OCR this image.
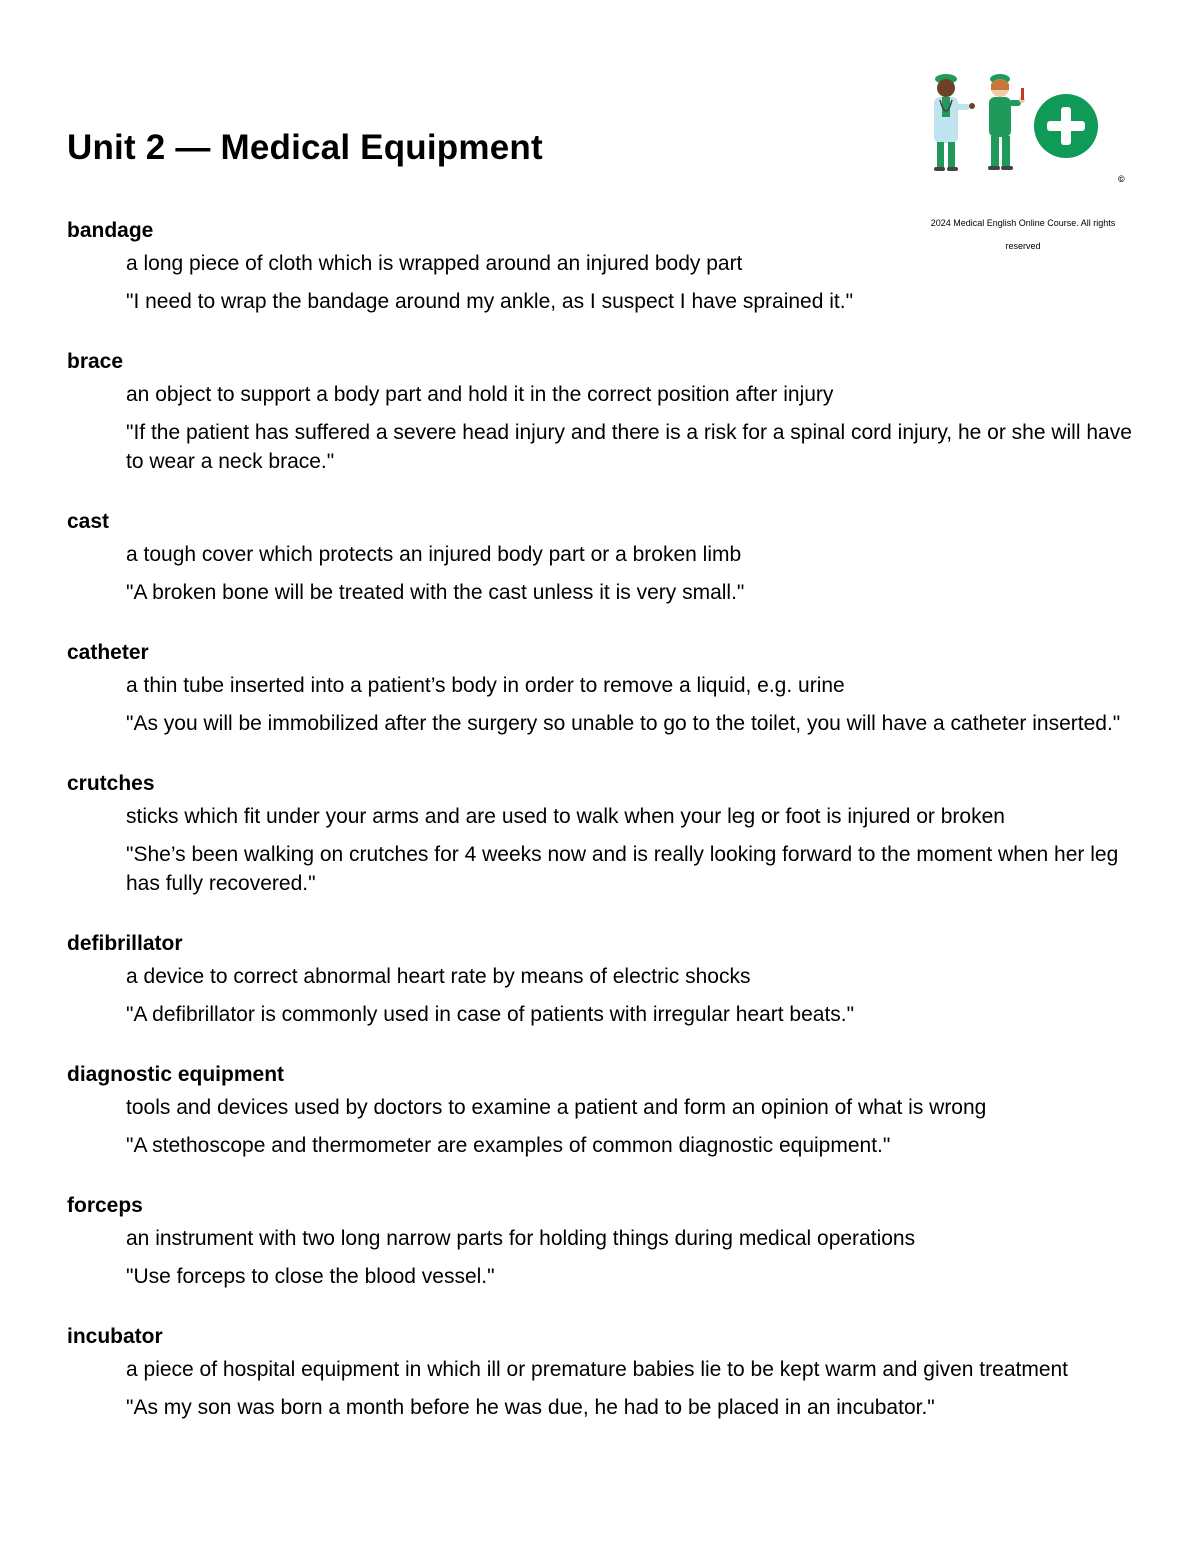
Unit 2 — Medical Equipment
©
2024 Medical English Online Course. All rights reserved
bandage
a long piece of cloth which is wrapped around an injured body part
"I need to wrap the bandage around my ankle, as I suspect I have sprained it."
brace
an object to support a body part and hold it in the correct position after injury
"If the patient has suffered a severe head injury and there is a risk for a spinal cord injury, he or she will have to wear a neck brace."
cast
a tough cover which protects an injured body part or a broken limb
"A broken bone will be treated with the cast unless it is very small."
catheter
a thin tube inserted into a patient’s body in order to remove a liquid, e.g. urine
"As you will be immobilized after the surgery so unable to go to the toilet, you will have a catheter inserted."
crutches
sticks which fit under your arms and are used to walk when your leg or foot is injured or broken
"She’s been walking on crutches for 4 weeks now and is really looking forward to the moment when her leg has fully recovered."
defibrillator
a device to correct abnormal heart rate by means of electric shocks
"A defibrillator is commonly used in case of patients with irregular heart beats."
diagnostic equipment
tools and devices used by doctors to examine a patient and form an opinion of what is wrong
"A stethoscope and thermometer are examples of common diagnostic equipment."
forceps
an instrument with two long narrow parts for holding things during medical operations
"Use forceps to close the blood vessel."
incubator
a piece of hospital equipment in which ill or premature babies lie to be kept warm and given treatment
"As my son was born a month before he was due, he had to be placed in an incubator."
